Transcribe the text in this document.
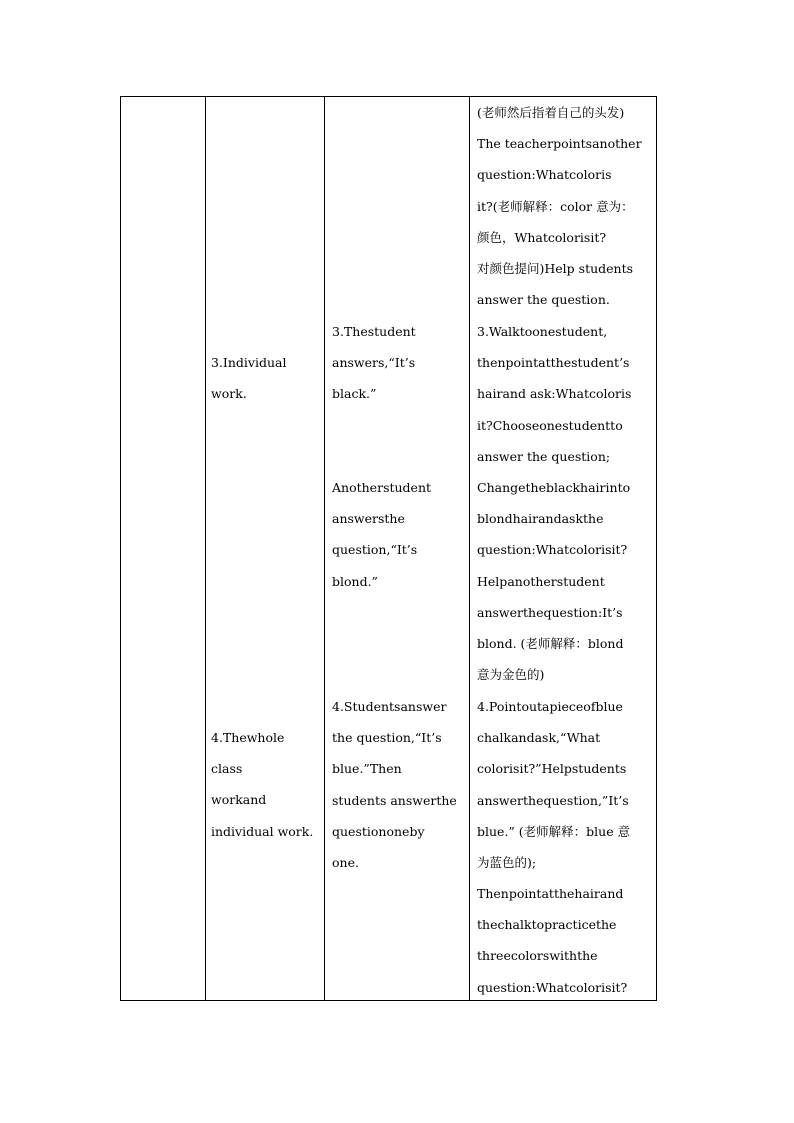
3.Individual
work.
4.Thewhole
class
workand
individual work.
3.Thestudent
answers,“It’s
black.”
Anotherstudent
answersthe
question,“It’s
blond.”
4.Studentsanswer
the question,“It’s
blue.”Then
students answerthe
questiononeby
one.
(老师然后指着自己的头发)
The teacherpointsanother
question:Whatcoloris
it?(老师解释：color 意为：
颜色，Whatcolorisit?
对颜色提问)Help students
answer the question.
3.Walktoonestudent,
thenpointatthestudent’s
hairand ask:Whatcoloris
it?Chooseonestudentto
answer the question;
Changetheblackhairinto
blondhairandaskthe
question:Whatcolorisit?
Helpanotherstudent
answerthequestion:It’s
blond. (老师解释：blond
意为金色的)
4.Pointoutapieceofblue
chalkandask,“What
colorisit?”Helpstudents
answerthequestion,”It’s
blue.” (老师解释：blue 意
为蓝色的);
Thenpointatthehairand
thechalktopracticethe
threecolorswiththe
question:Whatcolorisit?
